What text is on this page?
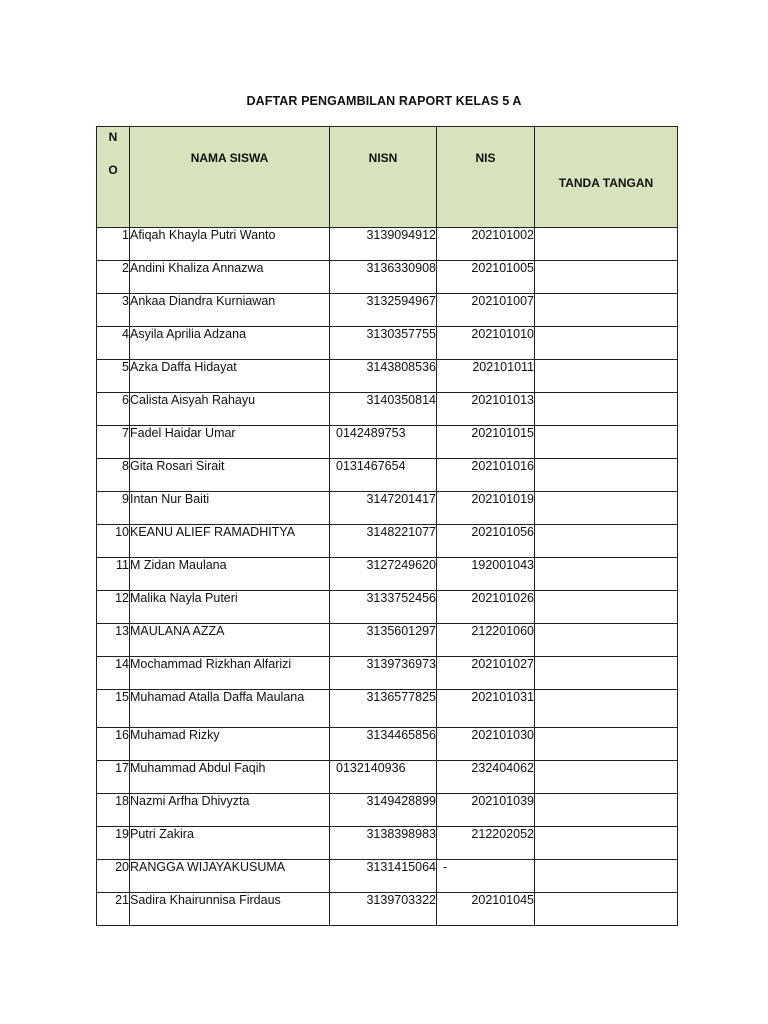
DAFTAR PENGAMBILAN RAPORT KELAS 5 A
N
O	NAMA SISWA	NISN	NIS	TANDA TANGAN
1	Afiqah Khayla Putri Wanto	3139094912	202101002	
2	Andini Khaliza Annazwa	3136330908	202101005	
3	Ankaa Diandra Kurniawan	3132594967	202101007	
4	Asyila Aprilia Adzana	3130357755	202101010	
5	Azka Daffa Hidayat	3143808536	202101011	
6	Calista Aisyah Rahayu	3140350814	202101013	
7	Fadel Haidar Umar	0142489753	202101015	
8	Gita Rosari Sirait	0131467654	202101016	
9	Intan Nur Baiti	3147201417	202101019	
10	KEANU ALIEF RAMADHITYA	3148221077	202101056	
11	M Zidan Maulana	3127249620	192001043	
12	Malika Nayla Puteri	3133752456	202101026	
13	MAULANA AZZA	3135601297	212201060	
14	Mochammad Rizkhan Alfarizi	3139736973	202101027	
15	Muhamad Atalla Daffa Maulana	3136577825	202101031	
16	Muhamad Rizky	3134465856	202101030	
17	Muhammad Abdul Faqih	0132140936	232404062	
18	Nazmi Arfha Dhivyzta	3149428899	202101039	
19	Putri Zakira	3138398983	212202052	
20	RANGGA WIJAYAKUSUMA	3131415064	-	
21	Sadira Khairunnisa Firdaus	3139703322	202101045	
